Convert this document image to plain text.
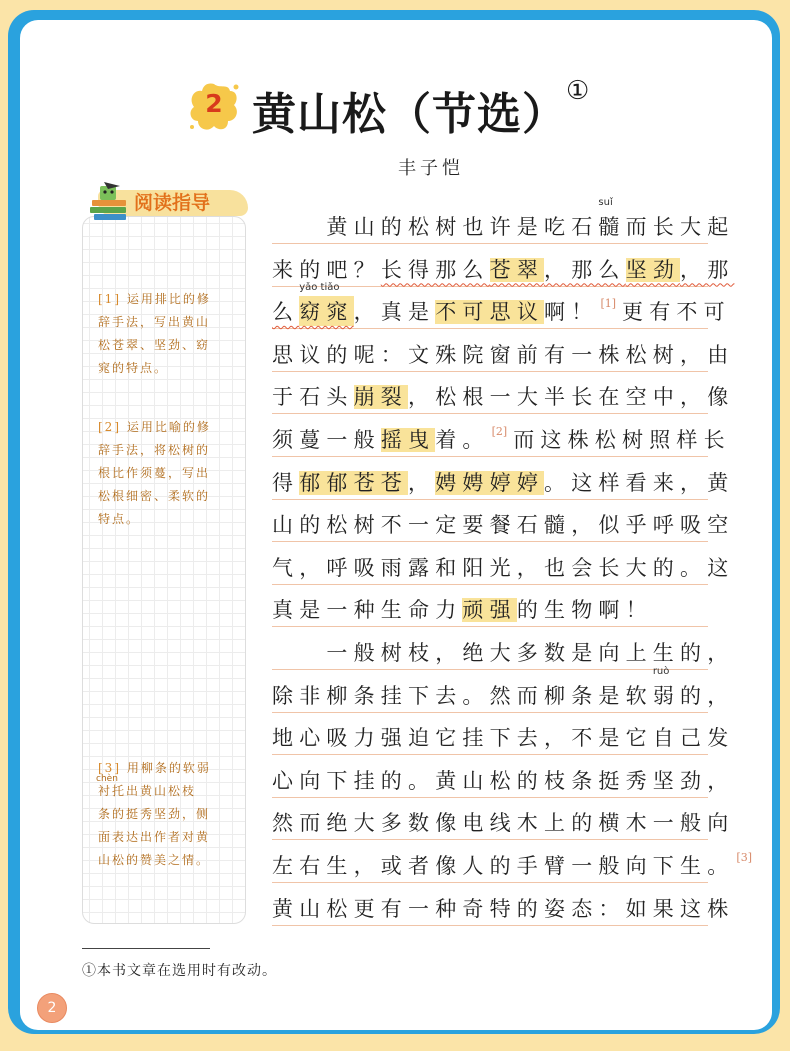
2 黄山松（节选） ①
丰子恺
阅读指导
[1] 运用排比的修
辞手法，写出黄山
松苍翠、坚劲、窈
窕的特点。
[2] 运用比喻的修
辞手法，将松树的
根比作须蔓，写出
松根细密、柔软的
特点。
[3] 用柳条的软弱
chèn
衬托出黄山松枝
条的挺秀坚劲，侧
面表达出作者对黄
山松的赞美之情。
　　黄山的松树也许是吃石
suǐ
髓而长大起
来的吧？长得那么苍翠，那么坚劲，那
么
yǎo tiǎo
窈窕，真是不可思议啊！ [1] 更有不可
思议的呢：文殊院窗前有一株松树，由
于石头崩裂，松根一大半长在空中，像
须蔓一般摇曳着。 [2] 而这株松树照样长
得郁郁苍苍，娉娉婷婷。这样看来，黄
山的松树不一定要餐石髓，似乎呼吸空
气，呼吸雨露和阳光，也会长大的。这
真是一种生命力顽强的生物啊！
　　一般树枝，绝大多数是向上生的，
除非柳条挂下去。然而柳条是软
ruò
弱的，
地心吸力强迫它挂下去，不是它自己发
心向下挂的。黄山松的枝条挺秀坚劲，
然而绝大多数像电线木上的横木一般向
左右生，或者像人的手臂一般向下生。 [3]
黄山松更有一种奇特的姿态：如果这株
①本书文章在选用时有改动。
2
